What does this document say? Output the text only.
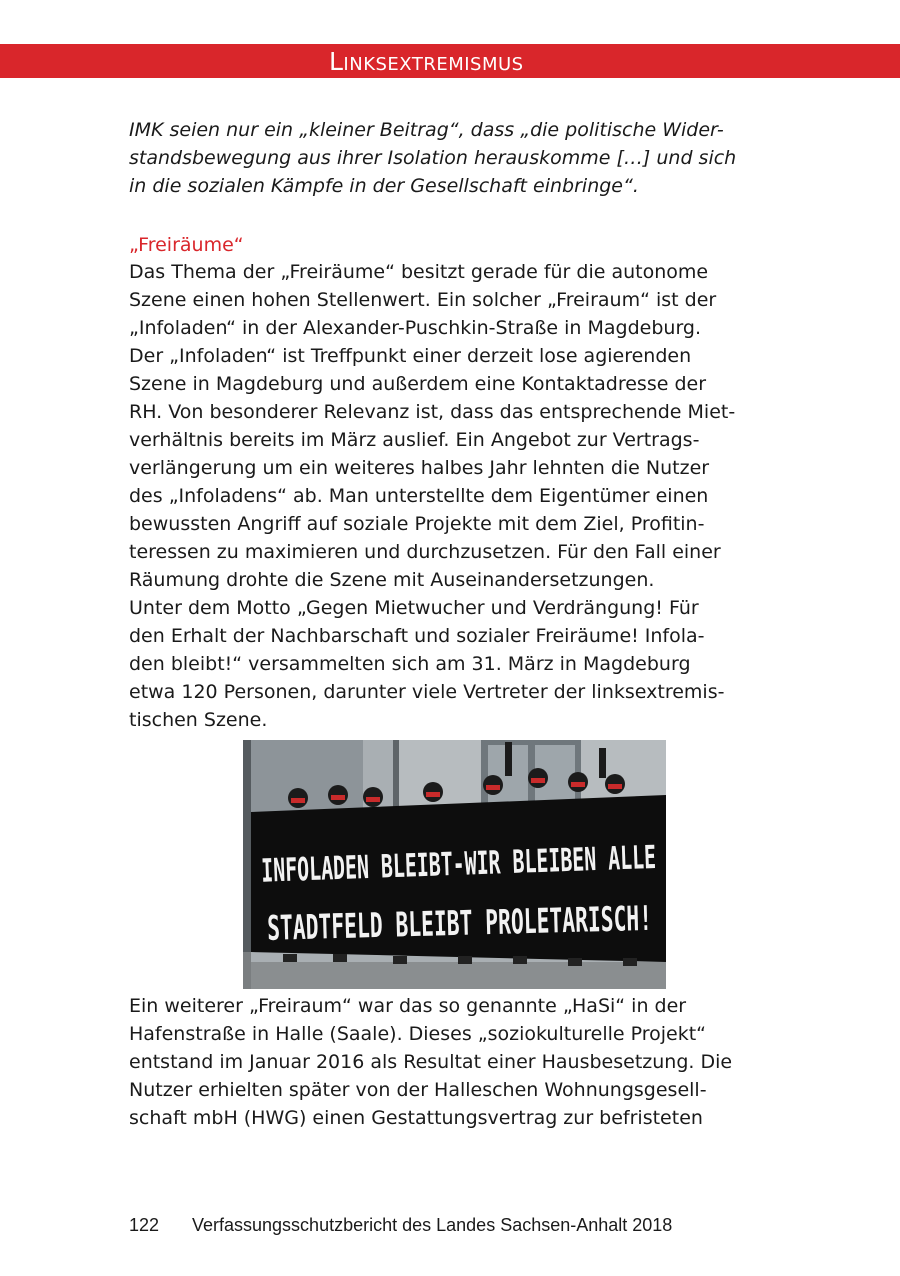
Linksextremismus
IMK seien nur ein „kleiner Beitrag“, dass „die politische Wider-
standsbewegung aus ihrer Isolation herauskomme […] und sich
in die sozialen Kämpfe in der Gesellschaft einbringe“.
„Freiräume“
Das Thema der „Freiräume“ besitzt gerade für die autonome
Szene einen hohen Stellenwert. Ein solcher „Freiraum“ ist der
„Infoladen“ in der Alexander-Puschkin-Straße in Magdeburg.
Der „Infoladen“ ist Treffpunkt einer derzeit lose agierenden
Szene in Magdeburg und außerdem eine Kontaktadresse der
RH. Von besonderer Relevanz ist, dass das entsprechende Miet-
verhältnis bereits im März auslief. Ein Angebot zur Vertrags-
verlängerung um ein weiteres halbes Jahr lehnten die Nutzer
des „Infoladens“ ab. Man unterstellte dem Eigentümer einen
bewussten Angriff auf soziale Projekte mit dem Ziel, Profitin-
teressen zu maximieren und durchzusetzen. Für den Fall einer
Räumung drohte die Szene mit Auseinandersetzungen.
Unter dem Motto „Gegen Mietwucher und Verdrängung! Für
den Erhalt der Nachbarschaft und sozialer Freiräume! Infola-
den bleibt!“ versammelten sich am 31. März in Magdeburg
etwa 120 Personen, darunter viele Vertreter der linksextremis-
tischen Szene.
INFOLADEN BLEIBT-WIR BLEIBEN ALLE
STADTFELD BLEIBT PROLETARISCH!
Ein weiterer „Freiraum“ war das so genannte „HaSi“ in der
Hafenstraße in Halle (Saale). Dieses „soziokulturelle Projekt“
entstand im Januar 2016 als Resultat einer Hausbesetzung. Die
Nutzer erhielten später von der Halleschen Wohnungsgesell-
schaft mbH (HWG) einen Gestattungsvertrag zur befristeten
122 Verfassungsschutzbericht des Landes Sachsen-Anhalt 2018
